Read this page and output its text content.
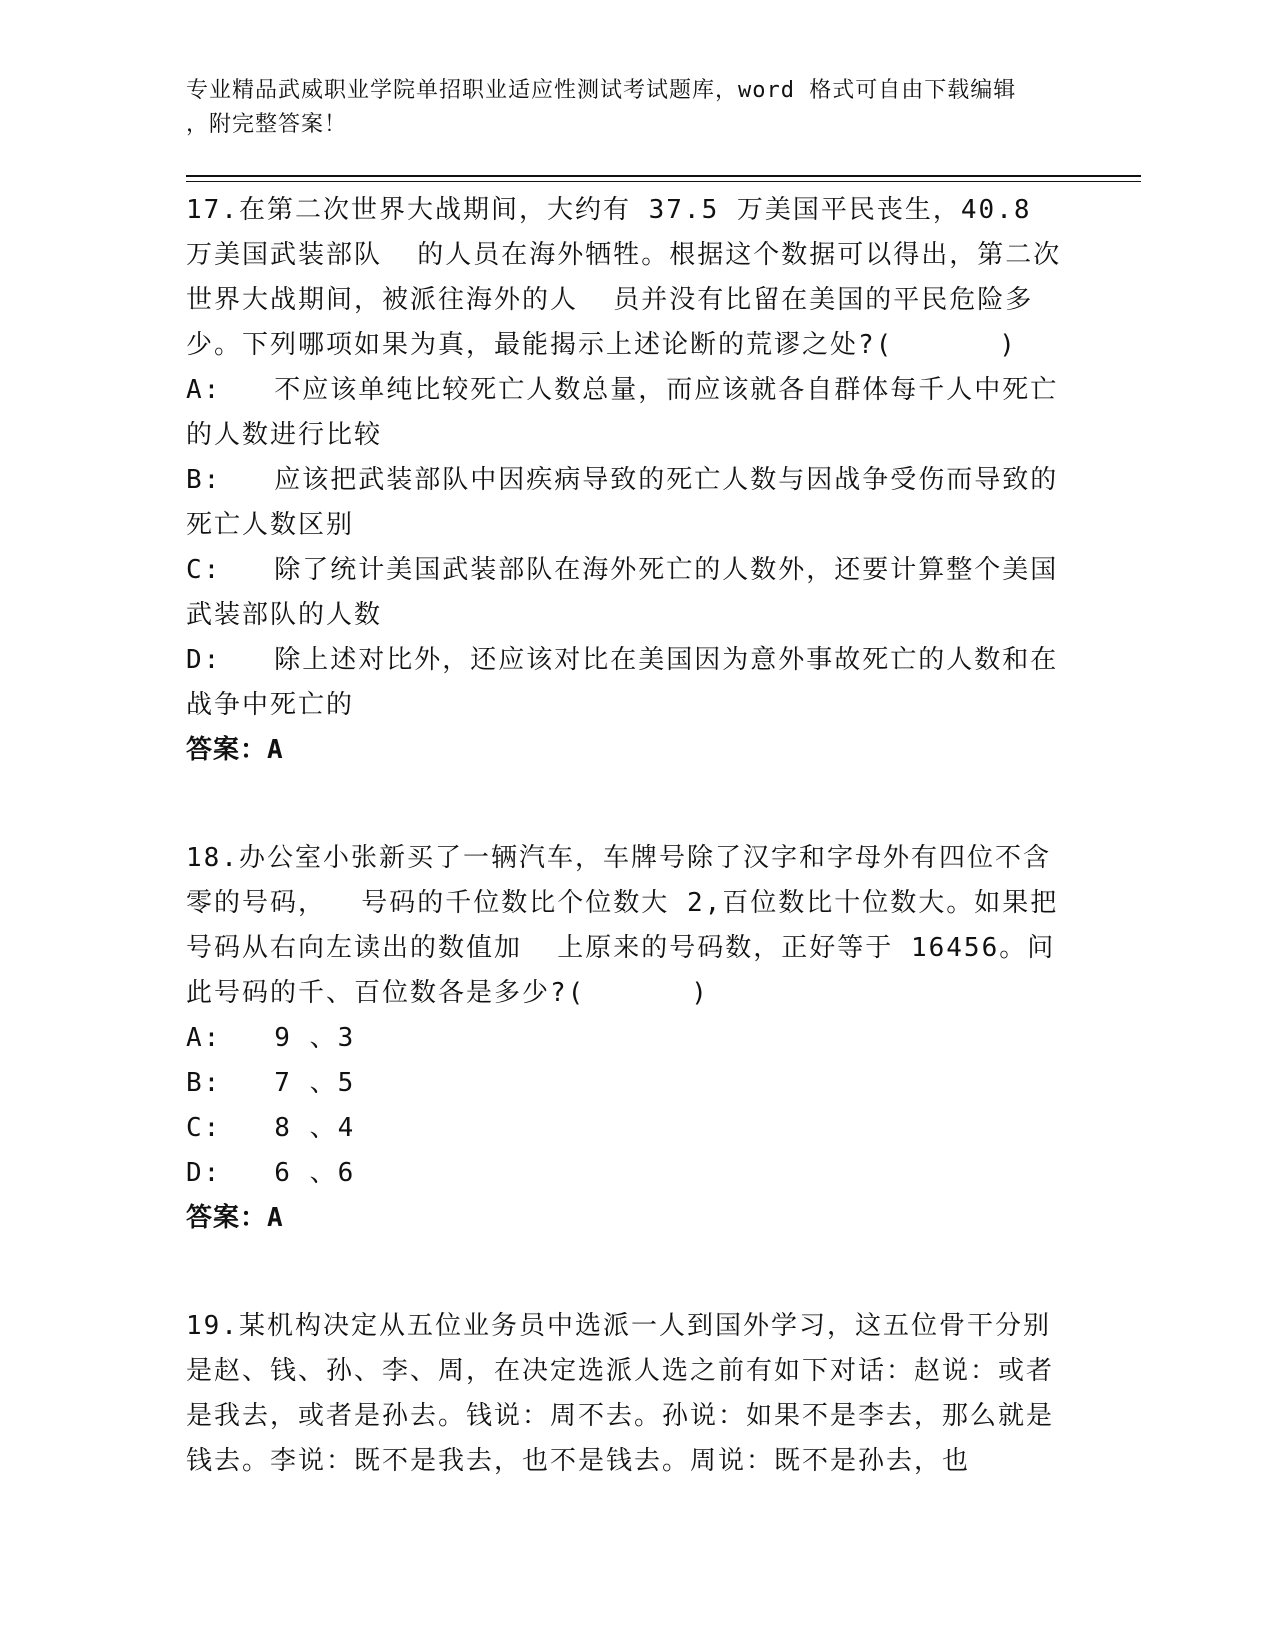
专业精品武威职业学院单招职业适应性测试考试题库，word 格式可自由下载编辑
，附完整答案！

17.在第二次世界大战期间，大约有 37.5 万美国平民丧生，40.8 万美国武装部队  的人员在海外牺牲。根据这个数据可以得出，第二次世界大战期间，被派往海外的人  员并没有比留在美国的平民危险多少。下列哪项如果为真，最能揭示上述论断的荒谬之处?(      )

A:   不应该单纯比较死亡人数总量，而应该就各自群体每千人中死亡的人数进行比较

B:   应该把武装部队中因疾病导致的死亡人数与因战争受伤而导致的死亡人数区别

C:   除了统计美国武装部队在海外死亡的人数外，还要计算整个美国武装部队的人数

D:   除上述对比外，还应该对比在美国因为意外事故死亡的人数和在战争中死亡的

答案：A

18.办公室小张新买了一辆汽车，车牌号除了汉字和字母外有四位不含零的号码，  号码的千位数比个位数大 2,百位数比十位数大。如果把号码从右向左读出的数值加  上原来的号码数，正好等于 16456。问此号码的千、百位数各是多少?(      )

A:   9 、3

B:   7 、5

C:   8 、4

D:   6 、6

答案：A

19.某机构决定从五位业务员中选派一人到国外学习，这五位骨干分别是赵、钱、孙、李、周，在决定选派人选之前有如下对话：赵说：或者是我去，或者是孙去。钱说：周不去。孙说：如果不是李去，那么就是钱去。李说：既不是我去，也不是钱去。周说：既不是孙去，也
